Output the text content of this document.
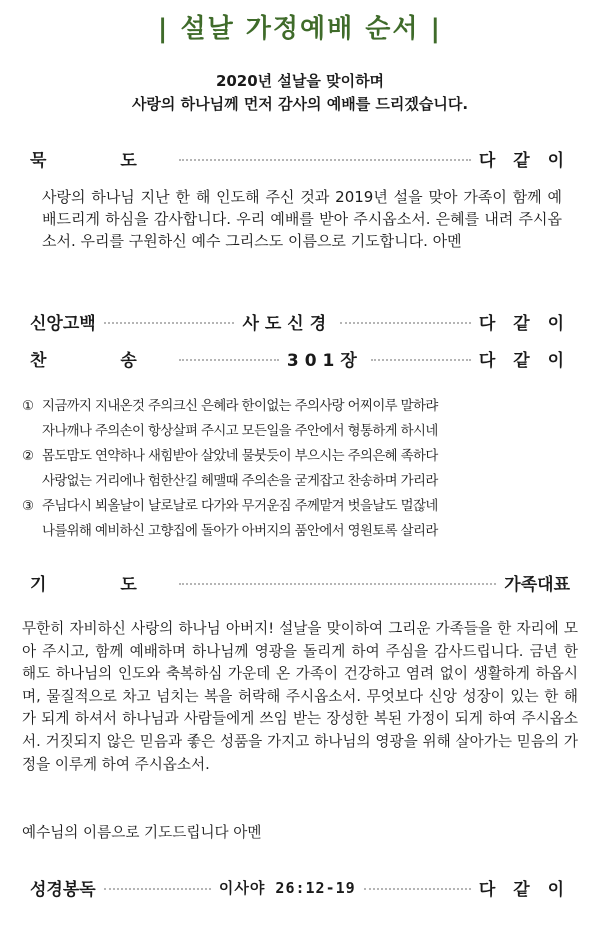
| 설날 가정예배 순서 |
2020년 설날을 맞이하며
사랑의 하나님께 먼저 감사의 예배를 드리겠습니다.
묵 도	다 같 이

사랑의 하나님 지난 한 해 인도해 주신 것과 2019년 설을 맞아 가족이 함께 예배드리게 하심을 감사합니다. 우리 예배를 받아 주시옵소서. 은혜를 내려 주시옵소서. 우리를 구원하신 예수 그리스도 이름으로 기도합니다. 아멘

신앙고백	사도신경	다 같 이
찬 송	301장	다 같 이
① 지금까지 지내온것 주의크신 은혜라 한이없는 주의사랑 어찌이루 말하랴
자나깨나 주의손이 항상살펴 주시고 모든일을 주안에서 형통하게 하시네
② 몸도맘도 연약하나 새힘받아 살았네 물붓듯이 부으시는 주의은혜 족하다
사랑없는 거리에나 험한산길 헤맬때 주의손을 굳게잡고 찬송하며 가리라
③ 주님다시 뵈올날이 날로날로 다가와 무거운짐 주께맡겨 벗을날도 멀잖네
나를위해 예비하신 고향집에 돌아가 아버지의 품안에서 영원토록 살리라
기 도	가족대표

무한히 자비하신 사랑의 하나님 아버지! 설날을 맞이하여 그리운 가족들을 한 자리에 모아 주시고, 함께 예배하며 하나님께 영광을 돌리게 하여 주심을 감사드립니다. 금년 한 해도 하나님의 인도와 축복하심 가운데 온 가족이 건강하고 염려 없이 생활하게 하옵시며, 물질적으로 차고 넘치는 복을 허락해 주시옵소서. 무엇보다 신앙 성장이 있는 한 해가 되게 하셔서 하나님과 사람들에게 쓰임 받는 장성한 복된 가정이 되게 하여 주시옵소서. 거짓되지 않은 믿음과 좋은 성품을 가지고 하나님의 영광을 위해 살아가는 믿음의 가정을 이루게 하여 주시옵소서.

예수님의 이름으로 기도드립니다 아멘

성경봉독	이사야 26:12-19	다 같 이
